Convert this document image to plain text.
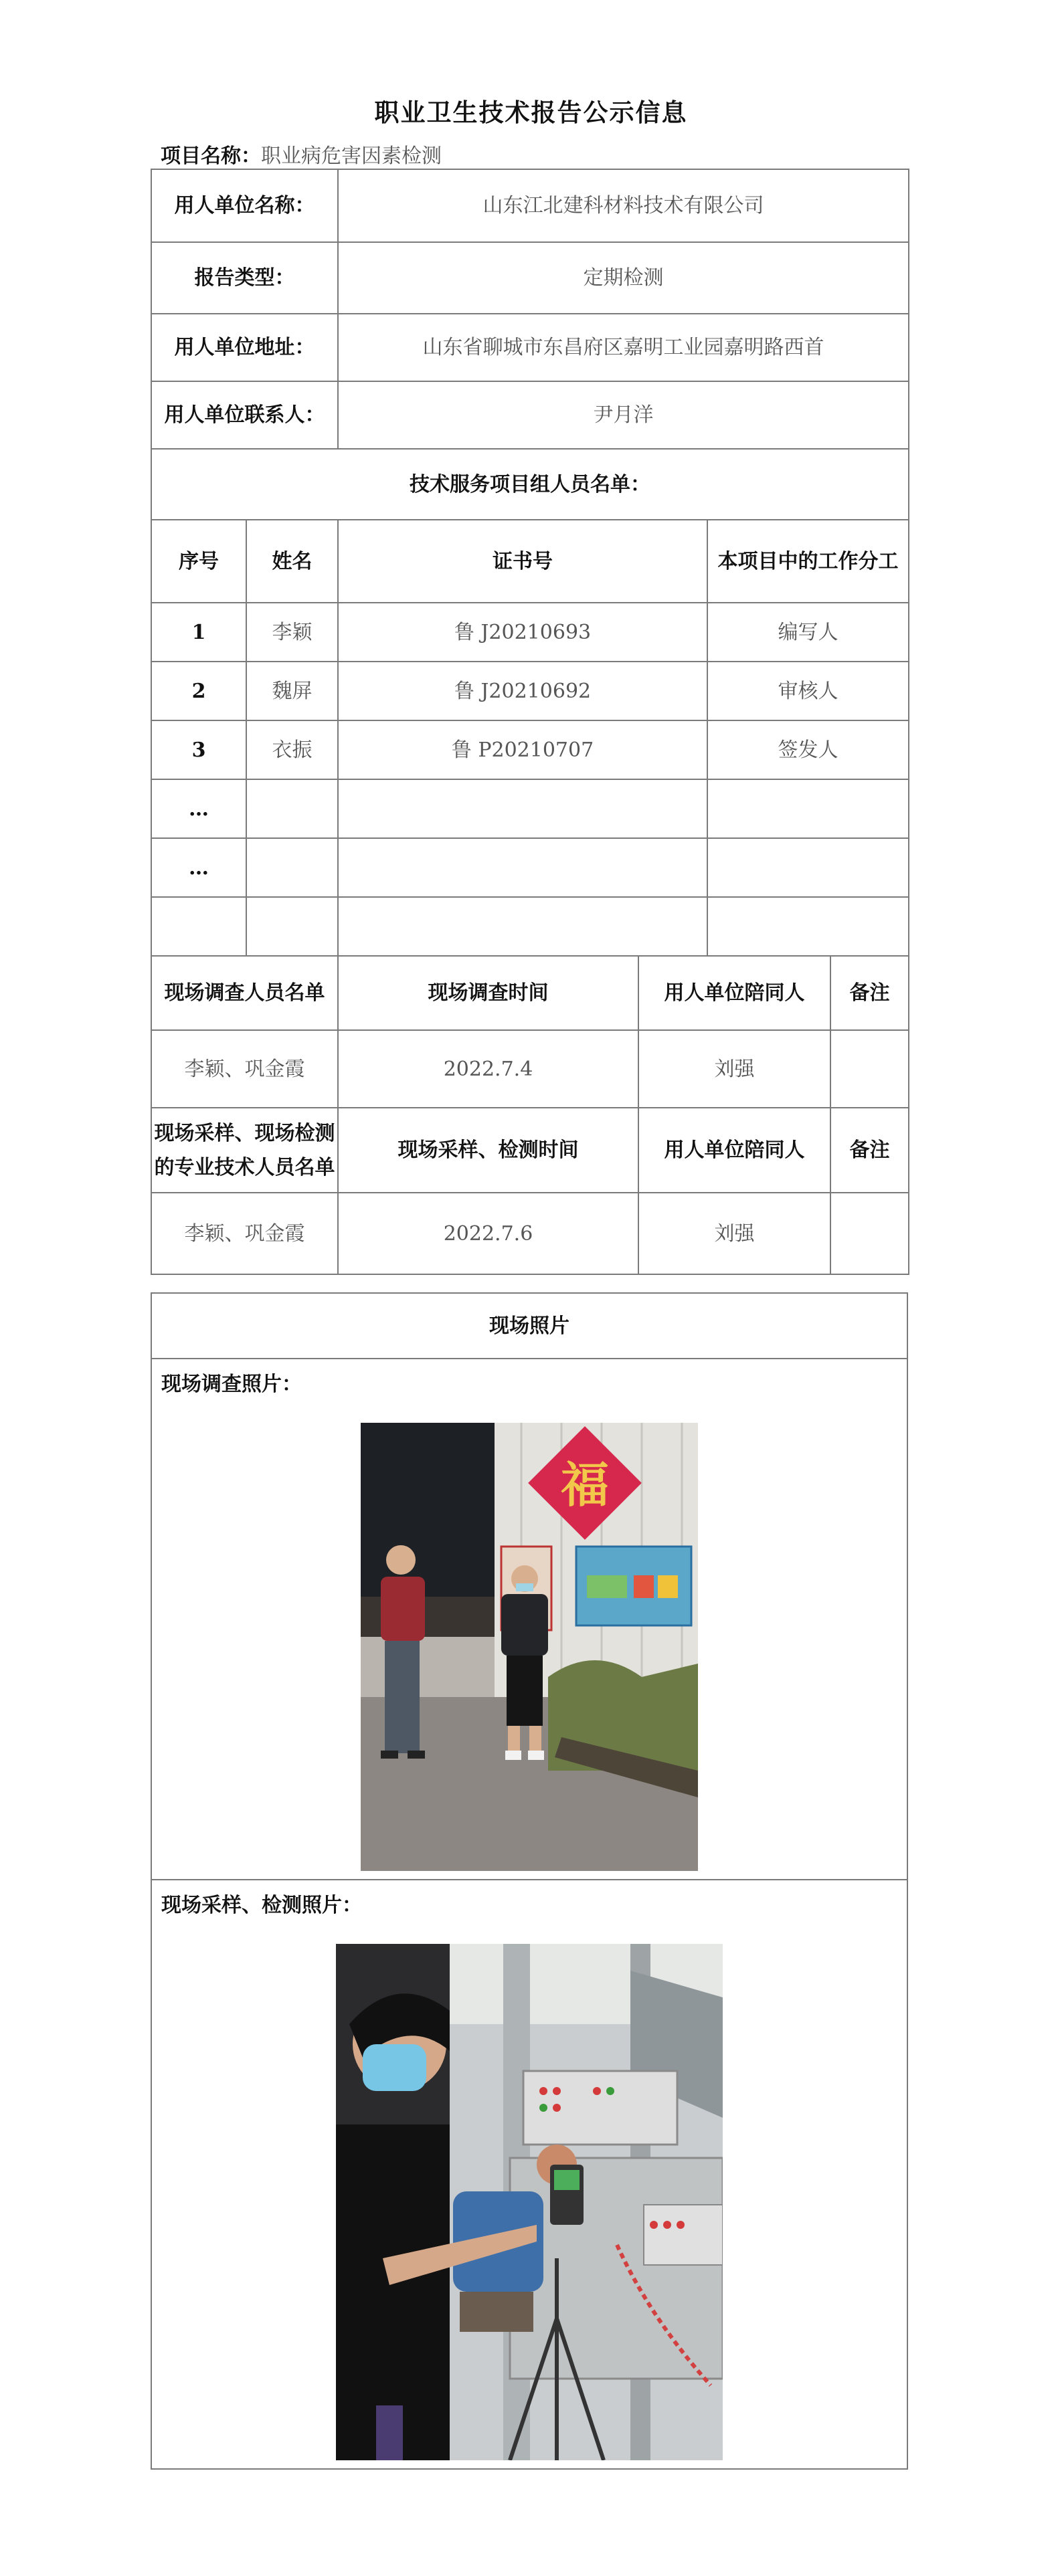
职业卫生技术报告公示信息
项目名称：职业病危害因素检测
用人单位名称：		山东江北建科材料技术有限公司			
报告类型：		定期检测			
用人单位地址：		山东省聊城市东昌府区嘉明工业园嘉明路西首			
用人单位联系人：		尹月洋			
技术服务项目组人员名单：					
序号	姓名	证书号		本项目中的工作分工	
1	李颖	鲁 J20210693		编写人	
2	魏屏	鲁 J20210692		审核人	
3	衣振	鲁 P20210707		签发人	
…					
…					

现场调查人员名单		现场调查时间	用人单位陪同人		备注
李颖、巩金霞		2022.7.4	刘强		
现场采样、现场检测的专业技术人员名单		现场采样、检测时间	用人单位陪同人		备注
李颖、巩金霞		2022.7.6	刘强		
现场照片

现场调查照片：
福

现场采样、检测照片：
